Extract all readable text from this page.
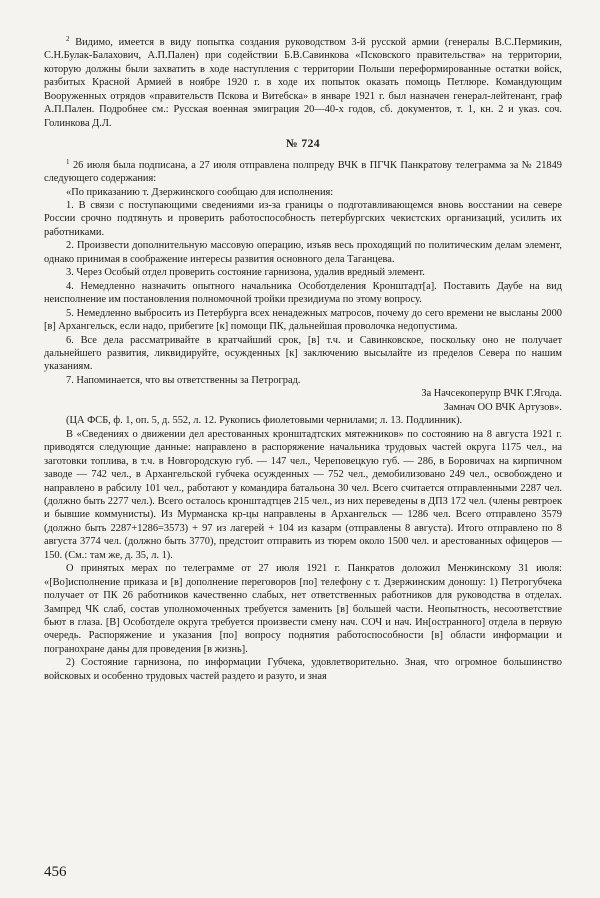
$^2$ Видимо, имеется в виду попытка создания руководством 3-й русской армии (генералы В.С.Пермикин, С.Н.Булак-Балахович, А.П.Пален) при содействии Б.В.Савинкова «Псковского правительства» на территории, которую должны были захватить в ходе наступления с территории Польши переформированные остатки войск, разбитых Красной Армией в ноябре 1920 г. в ходе их попыток оказать помощь Петлюре. Командующим Вооруженных отрядов «правительств Пскова и Витебска» в январе 1921 г. был назначен генерал-лейтенант, граф А.П.Пален. Подробнее см.: Русская военная эмиграция 20—40-х годов, сб. документов, т. 1, кн. 2 и указ. соч. Голинкова Д.Л.

№ 724

$^1$ 26 июля была подписана, а 27 июля отправлена полпреду ВЧК в ПГЧК Панкратову телеграмма за № 21849 следующего содержания:

«По приказанию т. Дзержинского сообщаю для исполнения:

1. В связи с поступающими сведениями из-за границы о подготавливающемся вновь восстании на севере России срочно подтянуть и проверить работоспособность петербургских чекистских организаций, усилить их работниками.

2. Произвести дополнительную массовую операцию, изъяв весь проходящий по политическим делам элемент, однако принимая в соображение интересы развития основного дела Таганцева.

3. Через Особый отдел проверить состояние гарнизона, удалив вредный элемент.

4. Немедленно назначить опытного начальника Особотделения Кронштадт[а]. Поставить Даубе на вид неисполнение им постановления полномочной тройки президиума по этому вопросу.

5. Немедленно выбросить из Петербурга всех ненадежных матросов, почему до сего времени не высланы 2000 [в] Архангельск, если надо, прибегите [к] помощи ПК, дальнейшая проволочка недопустима.

6. Все дела рассматривайте в кратчайший срок, [в] т.ч. и Савинковское, поскольку оно не получает дальнейшего развития, ликвидируйте, осужденных [к] заключению высылайте из пределов Севера по нашим указаниям.

7. Напоминается, что вы ответственны за Петроград.

За Начсекоперупр ВЧК Г.Ягода.

Замнач ОО ВЧК Артузов».

(ЦА ФСБ, ф. 1, оп. 5, д. 552, л. 12. Рукопись фиолетовыми чернилами; л. 13. Подлинник).

В «Сведениях о движении дел арестованных кронштадтских мятежников» по состоянию на 8 августа 1921 г. приводятся следующие данные: направлено в распоряжение начальника трудовых частей округа 1175 чел., на заготовки топлива, в т.ч. в Новгородскую губ. — 147 чел., Череповецкую губ. — 286, в Боровичах на кирпичном заводе — 742 чел., в Архангельской губчека осужденных — 752 чел., демобилизовано 249 чел., освобождено и направлено в рабсилу 101 чел., работают у командира батальона 30 чел. Всего считается отправленными 2287 чел. (должно быть 2277 чел.). Всего осталось кронштадтцев 215 чел., из них переведены в ДПЗ 172 чел. (члены ревтроек и бывшие коммунисты). Из Мурманска кр-цы направлены в Архангельск — 1286 чел. Всего отправлено 3579 (должно быть 2287+1286=3573) + 97 из лагерей + 104 из казарм (отправлены 8 августа). Итого отправлено по 8 августа 3774 чел. (должно быть 3770), предстоит отправить из тюрем около 1500 чел. и арестованных офицеров — 150. (См.: там же, д. 35, л. 1).

О принятых мерах по телеграмме от 27 июля 1921 г. Панкратов доложил Менжинскому 31 июля: «[Во]исполнение приказа и [в] дополнение переговоров [по] телефону с т. Дзержинским доношу: 1) Петрогубчека получает от ПК 26 работников качественно слабых, нет ответственных работников для руководства в отделах. Зампред ЧК слаб, состав уполномоченных требуется заменить [в] большей части. Неопытность, несоответствие бьют в глаза. [В] Особотделе округа требуется произвести смену нач. СОЧ и нач. Ин[остранного] отдела в первую очередь. Распоряжение и указания [по] вопросу поднятия работоспособности [в] области информации и погранохране даны для проведения [в жизнь].

2) Состояние гарнизона, по информации Губчека, удовлетворительно. Зная, что огромное большинство войсковых и особенно трудовых частей раздето и разуто, и зная

456
